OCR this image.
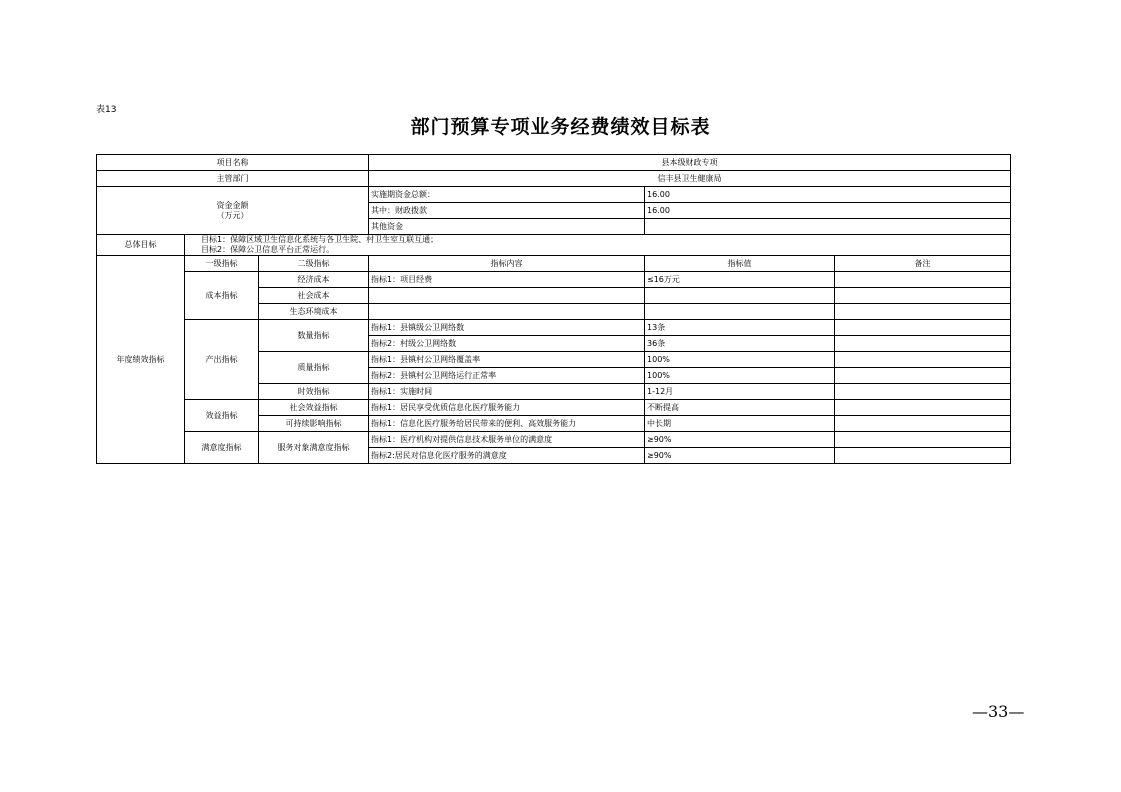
表13
部门预算专项业务经费绩效目标表
项目名称			县本级财政专项		
主管部门			信丰县卫生健康局		

资金金额
（万元）			实施期资金总额：	16.00	
			其中：财政拨款	16.00	
			其他资金		
总体目标	目标1：保障区域卫生信息化系统与各卫生院、村卫生室互联互通；
目标2：保障公卫信息平台正常运行。				

年度绩效指标	一级指标	二级指标	指标内容	指标值	备注
	成本指标	经济成本	指标1：项目经费	≤16万元	
		社会成本			
		生态环境成本			
	产出指标	数量指标	指标1：县镇级公卫网络数	13条	
			指标2：村级公卫网络数	36条	
		质量指标	指标1：县镇村公卫网络覆盖率	100%	
			指标2：县镇村公卫网络运行正常率	100%	
		时效指标	指标1：实施时间	1-12月	
	效益指标	社会效益指标	指标1：居民享受优质信息化医疗服务能力	不断提高	
		可持续影响指标	指标1：信息化医疗服务给居民带来的便利、高效服务能力	中长期	
	满意度指标	服务对象满意度指标	指标1：医疗机构对提供信息技术服务单位的满意度	≥90%	
			指标2:居民对信息化医疗服务的满意度	≥90%	
—33—
